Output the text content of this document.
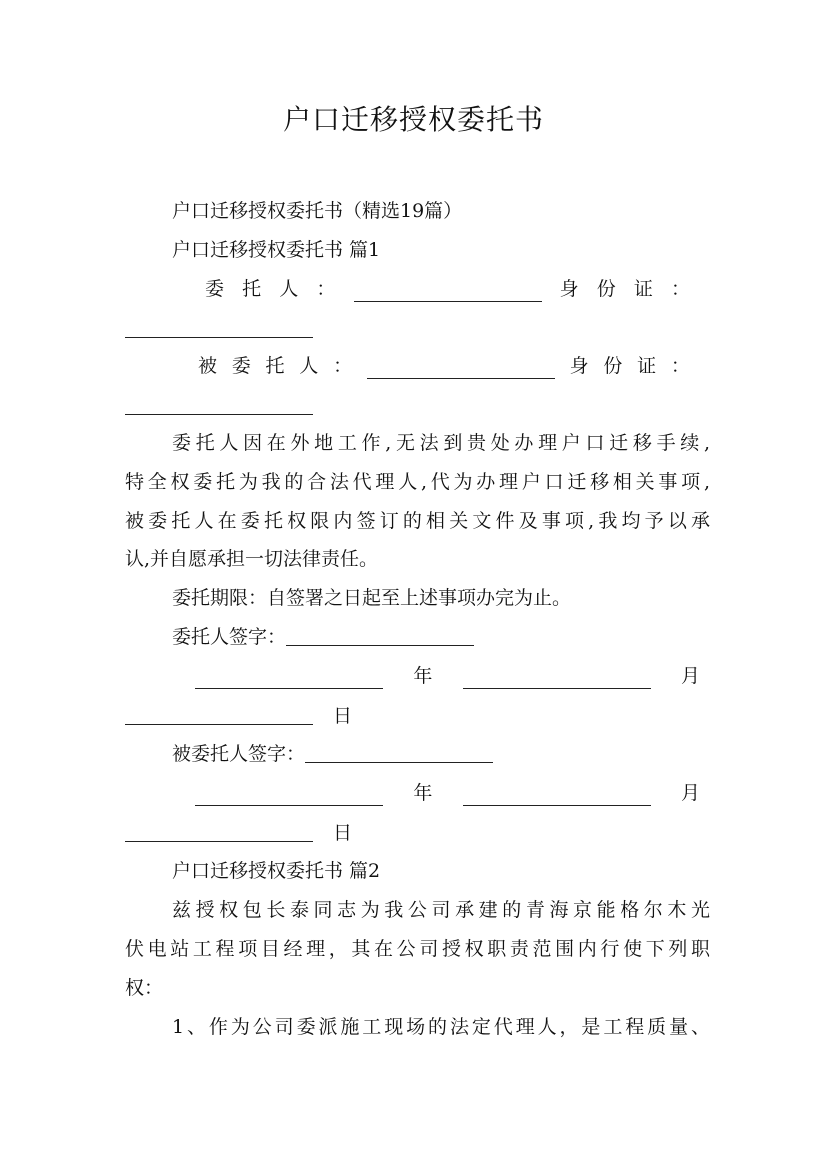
户口迁移授权委托书
户口迁移授权委托书（精选19篇）
户口迁移授权委托书 篇1
委 托 人 ：	身 份 证 ：
被 委 托 人 ：	身 份 证 ：
委托人因在外地工作,无法到贵处办理户口迁移手续,
特全权委托为我的合法代理人,代为办理户口迁移相关事项,
被委托人在委托权限内签订的相关文件及事项,我均予以承
认,并自愿承担一切法律责任。
委托期限：自签署之日起至上述事项办完为止。
委托人签字：
年	月
日
被委托人签字：
年	月
日
户口迁移授权委托书 篇2
兹授权包长泰同志为我公司承建的青海京能格尔木光
伏电站工程项目经理，其在公司授权职责范围内行使下列职
权：
1、作为公司委派施工现场的法定代理人，是工程质量、
